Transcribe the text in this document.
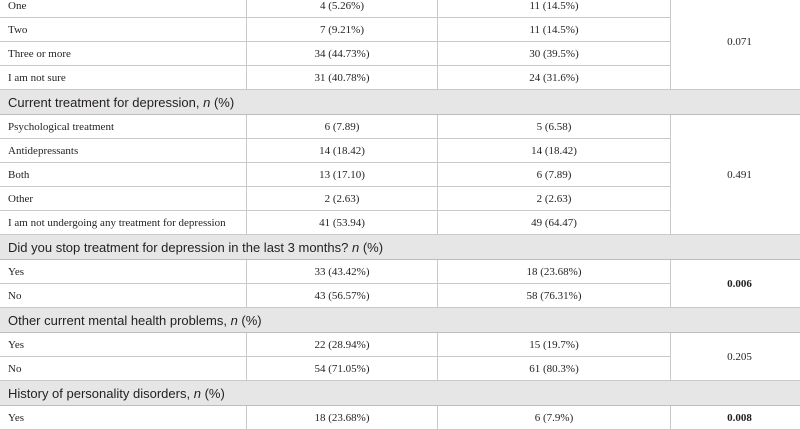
One	4 (5.26%)	11 (14.5%)	0.071
Two	7 (9.21%)	11 (14.5%)	
Three or more	34 (44.73%)	30 (39.5%)	
I am not sure	31 (40.78%)	24 (31.6%)	
Current treatment for depression, n (%)			
Psychological treatment	6 (7.89)	5 (6.58)	0.491
Antidepressants	14 (18.42)	14 (18.42)	
Both	13 (17.10)	6 (7.89)	
Other	2 (2.63)	2 (2.63)	
I am not undergoing any treatment for depression	41 (53.94)	49 (64.47)	
Did you stop treatment for depression in the last 3 months? n (%)			
Yes	33 (43.42%)	18 (23.68%)	0.006
No	43 (56.57%)	58 (76.31%)	
Other current mental health problems, n (%)			
Yes	22 (28.94%)	15 (19.7%)	0.205
No	54 (71.05%)	61 (80.3%)	
History of personality disorders, n (%)			
Yes	18 (23.68%)	6 (7.9%)	0.008
